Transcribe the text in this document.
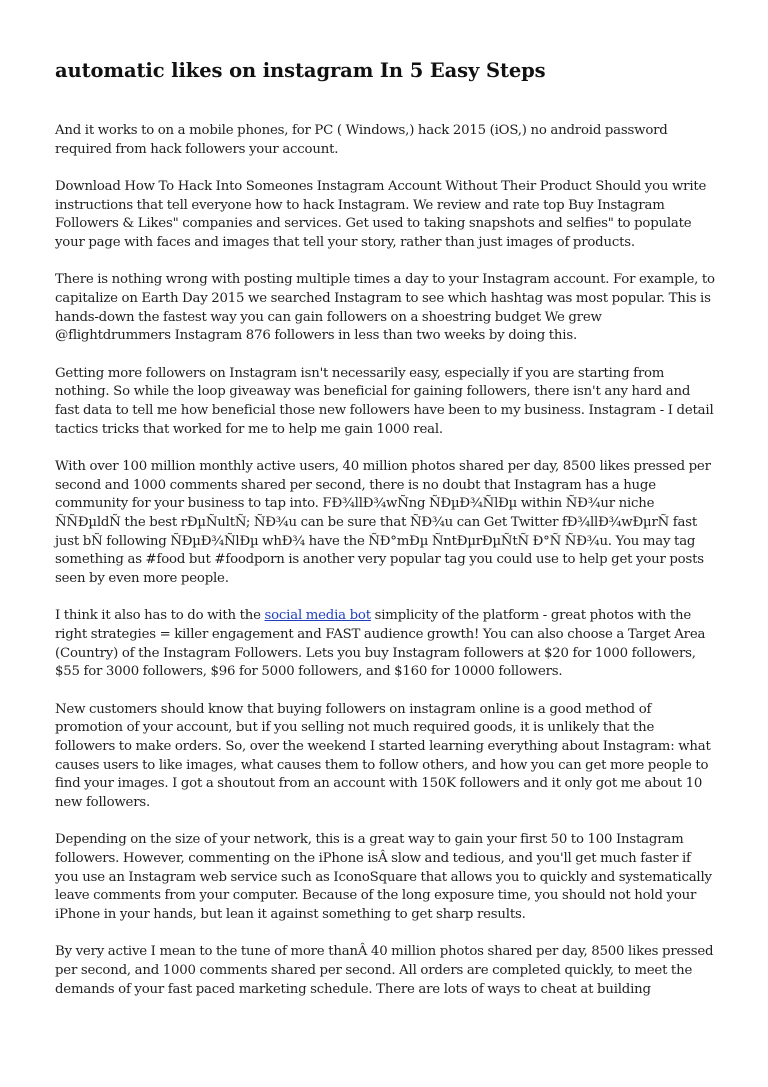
automatic likes on instagram In 5 Easy Steps

And it works to on a mobile phones, for PC ( Windows,) hack 2015 (iOS,) no android password required from hack followers your account.

Download How To Hack Into Someones Instagram Account Without Their Product Should you write instructions that tell everyone how to hack Instagram. We review and rate top Buy Instagram Followers & Likes" companies and services. Get used to taking snapshots and selfies" to populate your page with faces and images that tell your story, rather than just images of products.

There is nothing wrong with posting multiple times a day to your Instagram account. For example, to capitalize on Earth Day 2015 we searched Instagram to see which hashtag was most popular. This is hands-down the fastest way you can gain followers on a shoestring budget We grew @flightdrummers Instagram 876 followers in less than two weeks by doing this.

Getting more followers on Instagram isn't necessarily easy, especially if you are starting from nothing. So while the loop giveaway was beneficial for gaining followers, there isn't any hard and fast data to tell me how beneficial those new followers have been to my business. Instagram - I detail tactics tricks that worked for me to help me gain 1000 real.

With over 100 million monthly active users, 40 million photos shared per day, 8500 likes pressed per second and 1000 comments shared per second, there is no doubt that Instagram has a huge community for your business to tap into. FÐ¾llÐ¾wÑng ÑÐµÐ¾ÑlÐµ within ÑÐ¾ur niche ÑÑÐµldÑ the best rÐµÑultÑ; ÑÐ¾u can be sure that ÑÐ¾u can Get Twitter fÐ¾llÐ¾wÐµrÑ fast just bÑ following ÑÐµÐ¾ÑlÐµ whÐ¾ have the ÑÐ°mÐµ ÑntÐµrÐµÑtÑ Ð°Ñ ÑÐ¾u. You may tag something as #food but #foodporn is another very popular tag you could use to help get your posts seen by even more people.

I think it also has to do with the social media bot simplicity of the platform - great photos with the right strategies = killer engagement and FAST audience growth! You can also choose a Target Area (Country) of the Instagram Followers. Lets you buy Instagram followers at $20 for 1000 followers, $55 for 3000 followers, $96 for 5000 followers, and $160 for 10000 followers.

New customers should know that buying followers on instagram online is a good method of promotion of your account, but if you selling not much required goods, it is unlikely that the followers to make orders. So, over the weekend I started learning everything about Instagram: what causes users to like images, what causes them to follow others, and how you can get more people to find your images. I got a shoutout from an account with 150K followers and it only got me about 10 new followers.

Depending on the size of your network, this is a great way to gain your first 50 to 100 Instagram followers. However, commenting on the iPhone isÂ slow and tedious, and you'll get much faster if you use an Instagram web service such as IconoSquare that allows you to quickly and systematically leave comments from your computer. Because of the long exposure time, you should not hold your iPhone in your hands, but lean it against something to get sharp results.

By very active I mean to the tune of more thanÂ 40 million photos shared per day, 8500 likes pressed per second, and 1000 comments shared per second. All orders are completed quickly, to meet the demands of your fast paced marketing schedule. There are lots of ways to cheat at building
